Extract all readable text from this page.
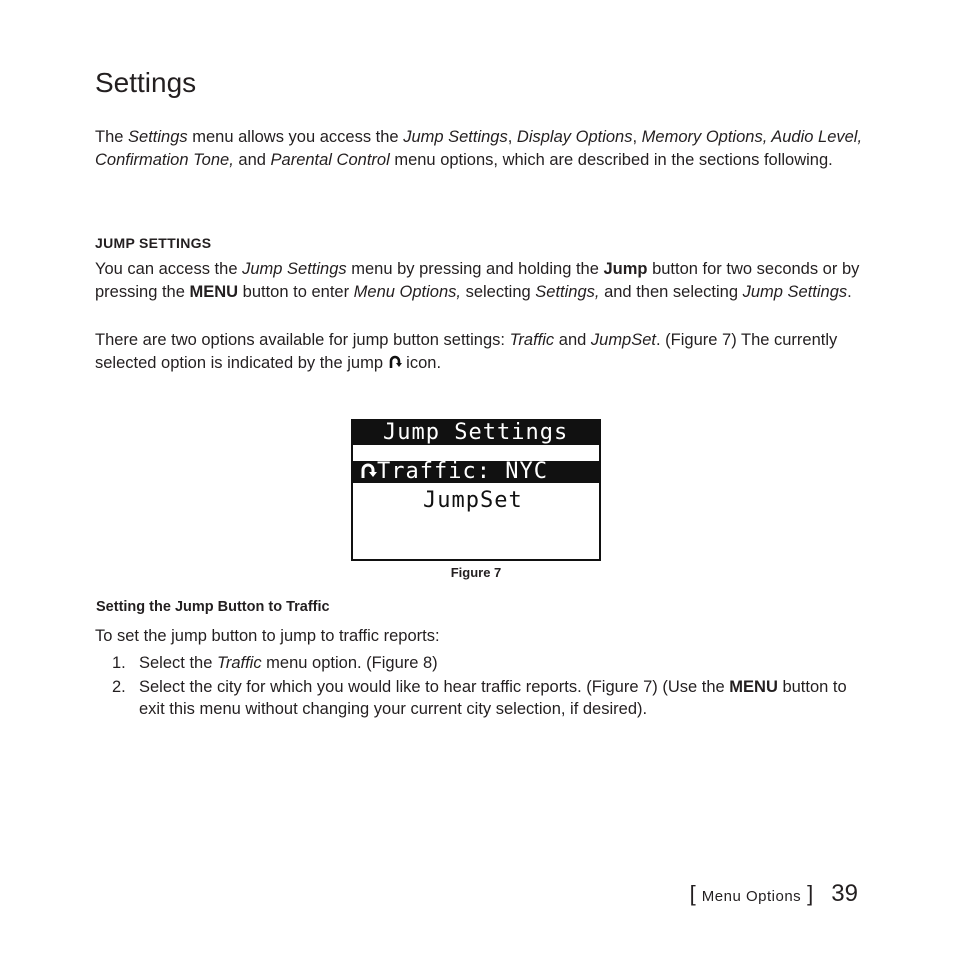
Settings
The Settings menu allows you access the Jump Settings, Display Options, Memory Options, Audio Level, Confirmation Tone, and Parental Control menu options, which are described in the sections following.
JUMP SETTINGS
You can access the Jump Settings menu by pressing and holding the Jump button for two seconds or by pressing the MENU button to enter Menu Options, selecting Settings, and then selecting Jump Settings.
There are two options available for jump button settings: Traffic and JumpSet. (Figure 7) The currently selected option is indicated by the jump  icon.
Jump Settings
Traffic: NYC
JumpSet
Figure 7
Setting the Jump Button to Traffic
To set the jump button to jump to traffic reports:
1. Select the Traffic menu option. (Figure 8)
2. Select the city for which you would like to hear traffic reports. (Figure 7) (Use the MENU button to exit this menu without changing your current city selection, if desired).
[ Menu Options ] 39
